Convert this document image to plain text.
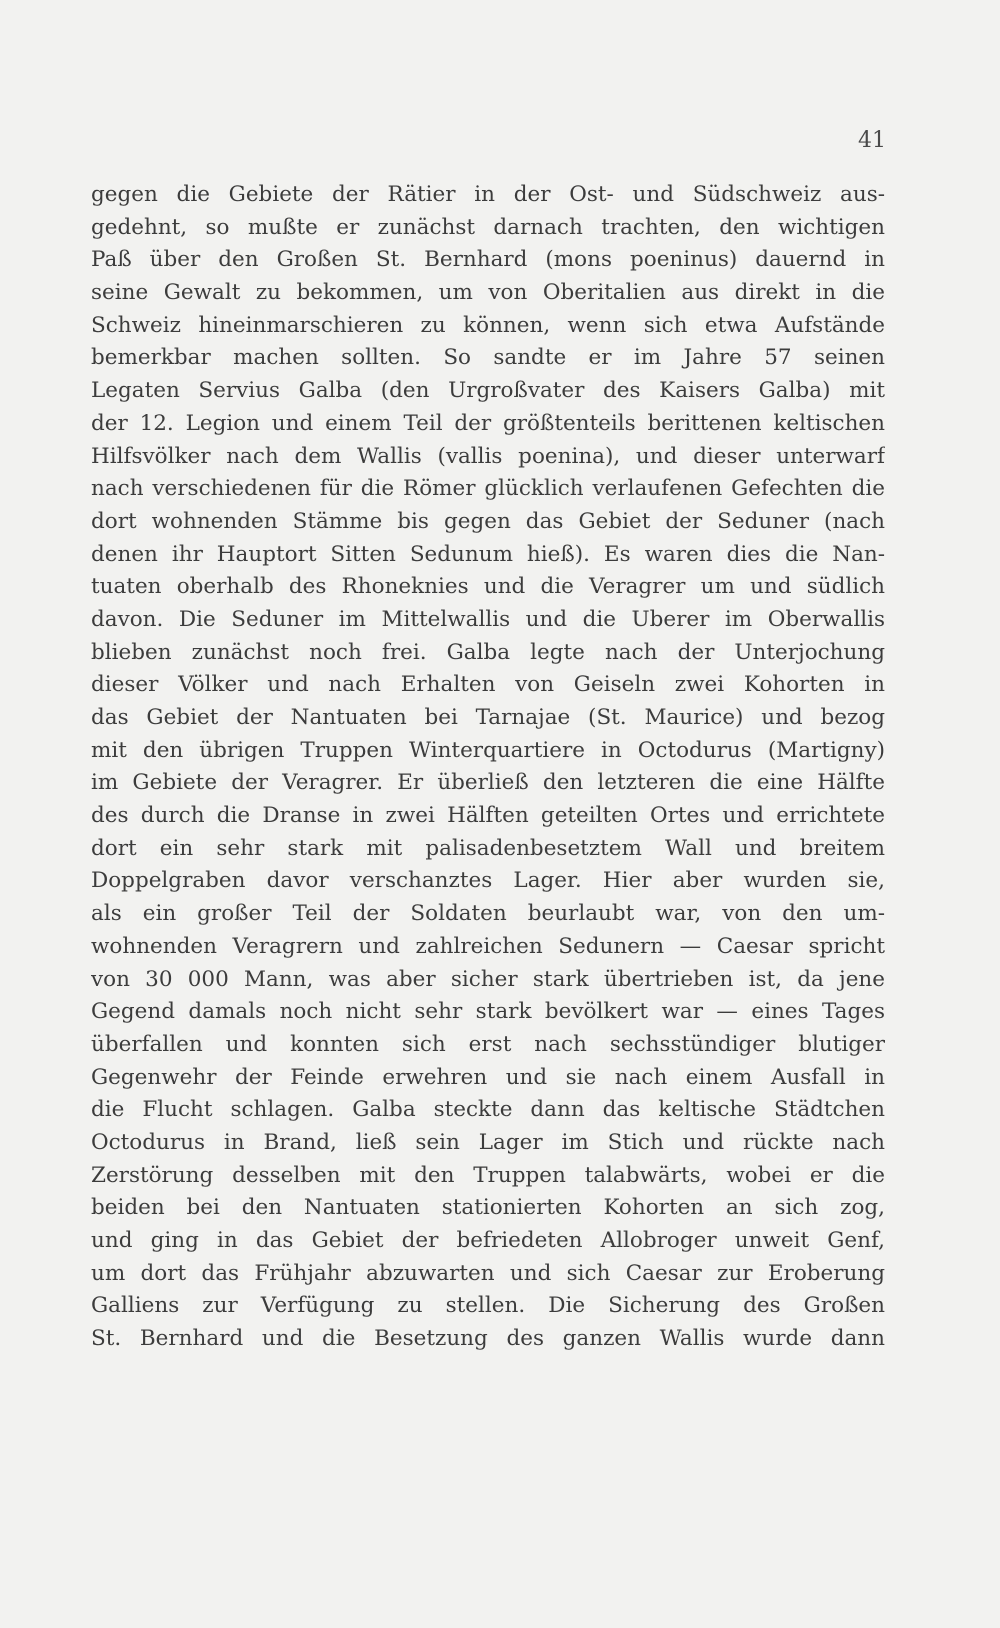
41
gegen die Gebiete der Rätier in der Ost- und Südschweiz aus-
gedehnt, so mußte er zunächst darnach trachten, den wichtigen
Paß über den Großen St. Bernhard (mons poeninus) dauernd in
seine Gewalt zu bekommen, um von Oberitalien aus direkt in die
Schweiz hineinmarschieren zu können, wenn sich etwa Aufstände
bemerkbar machen sollten. So sandte er im Jahre 57 seinen
Legaten Servius Galba (den Urgroßvater des Kaisers Galba) mit
der 12. Legion und einem Teil der größtenteils berittenen keltischen
Hilfsvölker nach dem Wallis (vallis poenina), und dieser unterwarf
nach verschiedenen für die Römer glücklich verlaufenen Gefechten die
dort wohnenden Stämme bis gegen das Gebiet der Seduner (nach
denen ihr Hauptort Sitten Sedunum hieß). Es waren dies die Nan-
tuaten oberhalb des Rhoneknies und die Veragrer um und südlich
davon. Die Seduner im Mittelwallis und die Uberer im Oberwallis
blieben zunächst noch frei. Galba legte nach der Unterjochung
dieser Völker und nach Erhalten von Geiseln zwei Kohorten in
das Gebiet der Nantuaten bei Tarnajae (St. Maurice) und bezog
mit den übrigen Truppen Winterquartiere in Octodurus (Martigny)
im Gebiete der Veragrer. Er überließ den letzteren die eine Hälfte
des durch die Dranse in zwei Hälften geteilten Ortes und errichtete
dort ein sehr stark mit palisadenbesetztem Wall und breitem
Doppelgraben davor verschanztes Lager. Hier aber wurden sie,
als ein großer Teil der Soldaten beurlaubt war, von den um-
wohnenden Veragrern und zahlreichen Sedunern — Caesar spricht
von 30 000 Mann, was aber sicher stark übertrieben ist, da jene
Gegend damals noch nicht sehr stark bevölkert war — eines Tages
überfallen und konnten sich erst nach sechsstündiger blutiger
Gegenwehr der Feinde erwehren und sie nach einem Ausfall in
die Flucht schlagen. Galba steckte dann das keltische Städtchen
Octodurus in Brand, ließ sein Lager im Stich und rückte nach
Zerstörung desselben mit den Truppen talabwärts, wobei er die
beiden bei den Nantuaten stationierten Kohorten an sich zog,
und ging in das Gebiet der befriedeten Allobroger unweit Genf,
um dort das Frühjahr abzuwarten und sich Caesar zur Eroberung
Galliens zur Verfügung zu stellen. Die Sicherung des Großen
St. Bernhard und die Besetzung des ganzen Wallis wurde dann
